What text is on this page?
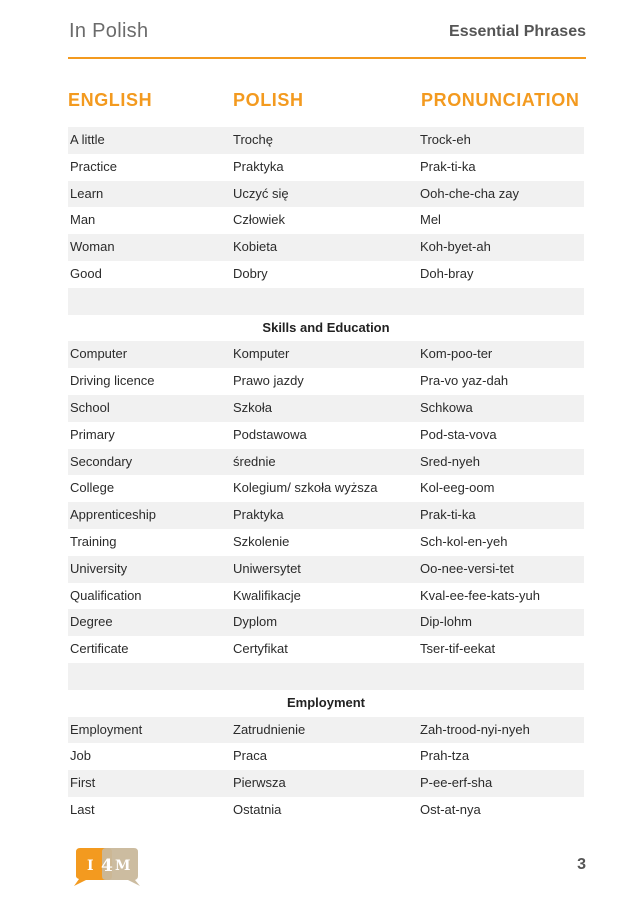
In Polish	Essential Phrases
ENGLISH	POLISH	PRONUNCIATION
A little	Trochę	Trock-eh
Practice	Praktyka	Prak-ti-ka
Learn	Uczyć się	Ooh-che-cha zay
Man	Człowiek	Mel
Woman	Kobieta	Koh-byet-ah
Good	Dobry	Doh-bray
Skills and Education
Computer	Komputer	Kom-poo-ter
Driving licence	Prawo jazdy	Pra-vo yaz-dah
School	Szkoła	Schkowa
Primary	Podstawowa	Pod-sta-vova
Secondary	średnie	Sred-nyeh
College	Kolegium/ szkoła wyższa	Kol-eeg-oom
Apprenticeship	Praktyka	Prak-ti-ka
Training	Szkolenie	Sch-kol-en-yeh
University	Uniwersytet	Oo-nee-versi-tet
Qualification	Kwalifikacje	Kval-ee-fee-kats-yuh
Degree	Dyplom	Dip-lohm
Certificate	Certyfikat	Tser-tif-eekat
Employment
Employment	Zatrudnienie	Zah-trood-nyi-nyeh
Job	Praca	Prah-tza
First	Pierwsza	P-ee-erf-sha
Last	Ostatnia	Ost-at-nya
I 4 M	3
